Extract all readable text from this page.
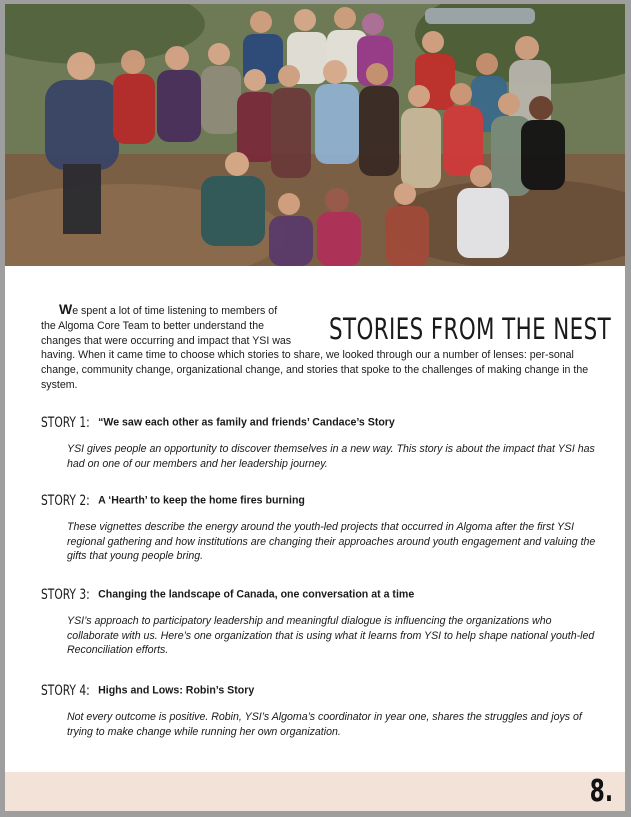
STORIES FROM THE NEST

We spent a lot of time listening to members of
the Algoma Core Team to better understand the
changes that were occurring and impact that YSI was
having. When it came time to choose which stories to share, we looked through our a number of lenses: per-sonal change, community change, organizational change, and stories that spoke to the challenges of making change in the system.

STORY 1: “We saw each other as family and friends’ Candace’s Story

YSI gives people an opportunity to discover themselves in a new way. This story is about the impact that YSI has had on one of our members and her leadership journey.

STORY 2: A ‘Hearth’ to keep the home fires burning

These vignettes describe the energy around the youth-led projects that occurred in Algoma after the first YSI regional gathering and how institutions are changing their approaches around youth engagement and valuing the gifts that young people bring.

STORY 3: Changing the landscape of Canada, one conversation at a time

YSI’s approach to participatory leadership and meaningful dialogue is influencing the organizations who collaborate with us. Here’s one organization that is using what it learns from YSI to help shape national youth-led Reconciliation efforts.

STORY 4: Highs and Lows: Robin’s Story

Not every outcome is positive. Robin, YSI’s Algoma’s coordinator in year one, shares the struggles and joys of trying to make change while running her own organization.

8.
